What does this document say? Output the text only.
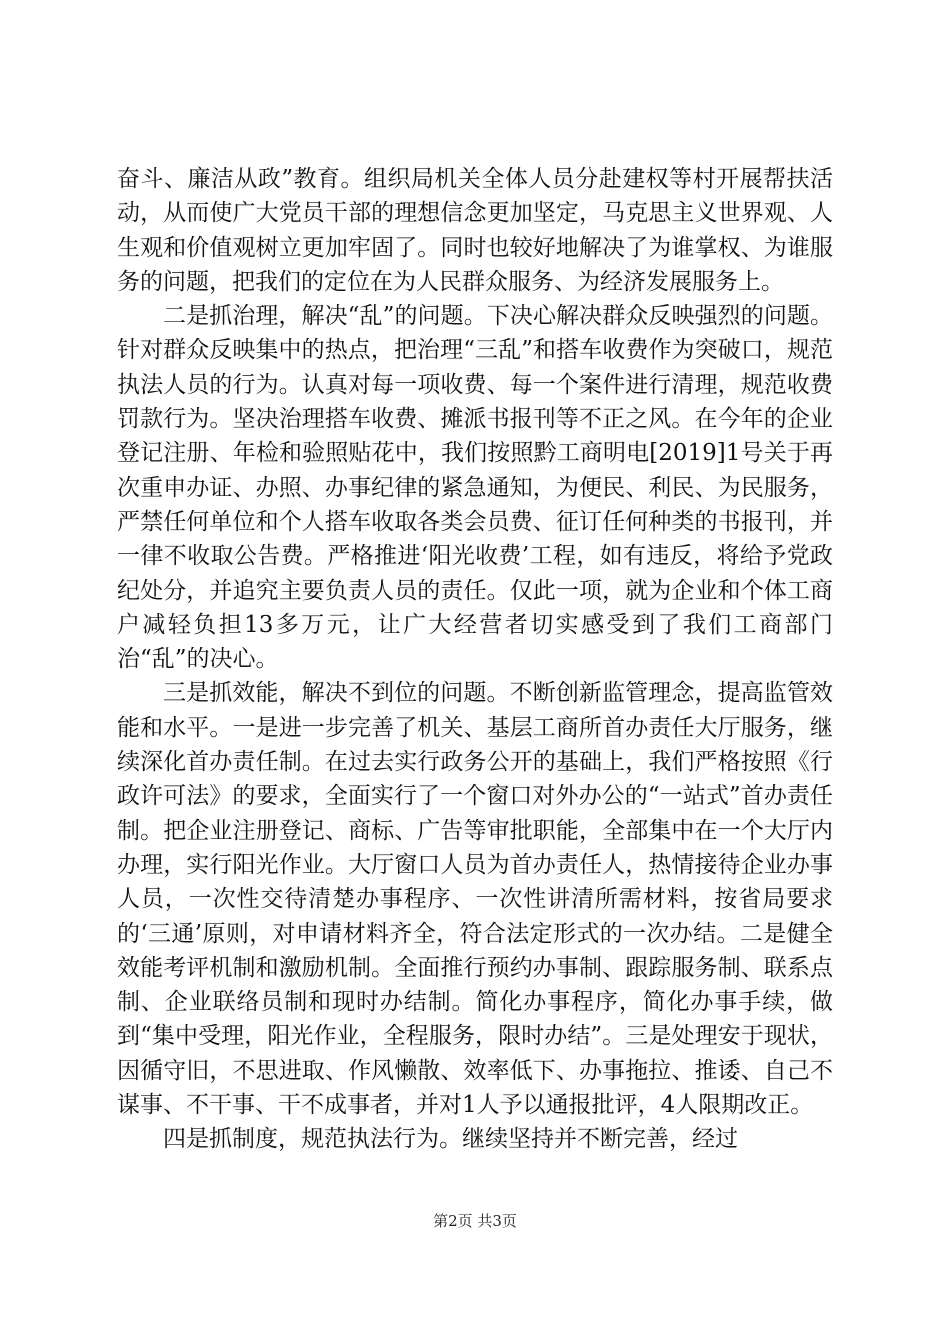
奋斗、廉洁从政”教育。组织局机关全体人员分赴建权等村开展帮扶活动，从而使广大党员干部的理想信念更加坚定，马克思主义世界观、人生观和价值观树立更加牢固了。同时也较好地解决了为谁掌权、为谁服务的问题，把我们的定位在为人民群众服务、为经济发展服务上。

二是抓治理，解决“乱”的问题。下决心解决群众反映强烈的问题。针对群众反映集中的热点，把治理“三乱”和搭车收费作为突破口，规范执法人员的行为。认真对每一项收费、每一个案件进行清理，规范收费罚款行为。坚决治理搭车收费、摊派书报刊等不正之风。在今年的企业登记注册、年检和验照贴花中，我们按照黔工商明电[2019]1号关于再次重申办证、办照、办事纪律的紧急通知，为便民、利民、为民服务，严禁任何单位和个人搭车收取各类会员费、征订任何种类的书报刊，并一律不收取公告费。严格推进‘阳光收费’工程，如有违反，将给予党政纪处分，并追究主要负责人员的责任。仅此一项，就为企业和个体工商户减轻负担13多万元，让广大经营者切实感受到了我们工商部门治“乱”的决心。

三是抓效能，解决不到位的问题。不断创新监管理念，提高监管效能和水平。一是进一步完善了机关、基层工商所首办责任大厅服务，继续深化首办责任制。在过去实行政务公开的基础上，我们严格按照《行政许可法》的要求，全面实行了一个窗口对外办公的“一站式”首办责任制。把企业注册登记、商标、广告等审批职能，全部集中在一个大厅内办理，实行阳光作业。大厅窗口人员为首办责任人，热情接待企业办事人员，一次性交待清楚办事程序、一次性讲清所需材料，按省局要求的‘三通’原则，对申请材料齐全，符合法定形式的一次办结。二是健全效能考评机制和激励机制。全面推行预约办事制、跟踪服务制、联系点制、企业联络员制和现时办结制。简化办事程序，简化办事手续，做到“集中受理，阳光作业，全程服务，限时办结”。三是处理安于现状，因循守旧，不思进取、作风懒散、效率低下、办事拖拉、推诿、自己不谋事、不干事、干不成事者，并对1人予以通报批评，4人限期改正。

四是抓制度，规范执法行为。继续坚持并不断完善，经过

第2页 共3页
